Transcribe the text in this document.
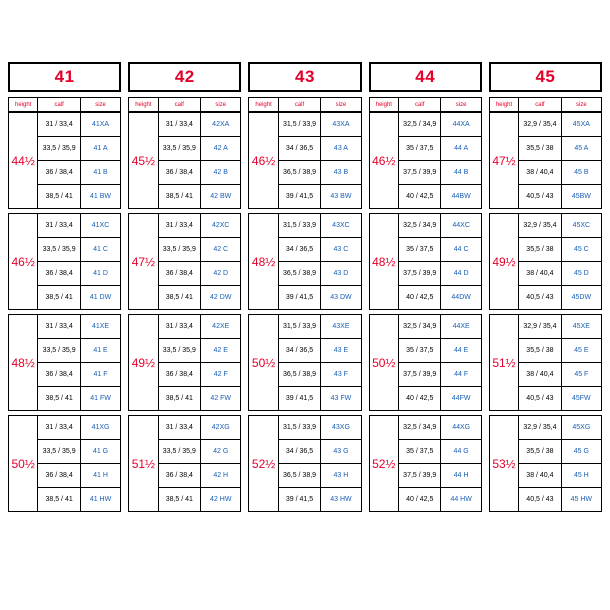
41
height	calf	size
44½	31 / 33,4	41XA
	33,5 / 35,9	41 A
	36 / 38,4	41 B
	38,5 / 41	41 BW
46½	31 / 33,4	41XC
	33,5 / 35,9	41 C
	36 / 38,4	41 D
	38,5 / 41	41 DW
48½	31 / 33,4	41XE
	33,5 / 35,9	41 E
	36 / 38,4	41 F
	38,5 / 41	41 FW
50½	31 / 33,4	41XG
	33,5 / 35,9	41 G
	36 / 38,4	41 H
	38,5 / 41	41 HW
42
height	calf	size
45½	31 / 33,4	42XA
	33,5 / 35,9	42 A
	36 / 38,4	42 B
	38,5 / 41	42 BW
47½	31 / 33,4	42XC
	33,5 / 35,9	42 C
	36 / 38,4	42 D
	38,5 / 41	42 DW
49½	31 / 33,4	42XE
	33,5 / 35,9	42 E
	36 / 38,4	42 F
	38,5 / 41	42 FW
51½	31 / 33,4	42XG
	33,5 / 35,9	42 G
	36 / 38,4	42 H
	38,5 / 41	42 HW
43
height	calf	size
46½	31,5 / 33,9	43XA
	34 / 36,5	43 A
	36,5 / 38,9	43 B
	39 / 41,5	43 BW
48½	31,5 / 33,9	43XC
	34 / 36,5	43 C
	36,5 / 38,9	43 D
	39 / 41,5	43 DW
50½	31,5 / 33,9	43XE
	34 / 36,5	43 E
	36,5 / 38,9	43 F
	39 / 41,5	43 FW
52½	31,5 / 33,9	43XG
	34 / 36,5	43 G
	36,5 / 38,9	43 H
	39 / 41,5	43 HW
44
height	calf	size
46½	32,5 / 34,9	44XA
	35 / 37,5	44 A
	37,5 / 39,9	44 B
	40 / 42,5	44BW
48½	32,5 / 34,9	44XC
	35 / 37,5	44 C
	37,5 / 39,9	44 D
	40 / 42,5	44DW
50½	32,5 / 34,9	44XE
	35 / 37,5	44 E
	37,5 / 39,9	44 F
	40 / 42,5	44FW
52½	32,5 / 34,9	44XG
	35 / 37,5	44 G
	37,5 / 39,9	44 H
	40 / 42,5	44 HW
45
height	calf	size
47½	32,9 / 35,4	45XA
	35,5 / 38	45 A
	38 / 40,4	45 B
	40,5 / 43	45BW
49½	32,9 / 35,4	45XC
	35,5 / 38	45 C
	38 / 40,4	45 D
	40,5 / 43	45DW
51½	32,9 / 35,4	45XE
	35,5 / 38	45 E
	38 / 40,4	45 F
	40,5 / 43	45FW
53½	32,9 / 35,4	45XG
	35,5 / 38	45 G
	38 / 40,4	45 H
	40,5 / 43	45 HW
